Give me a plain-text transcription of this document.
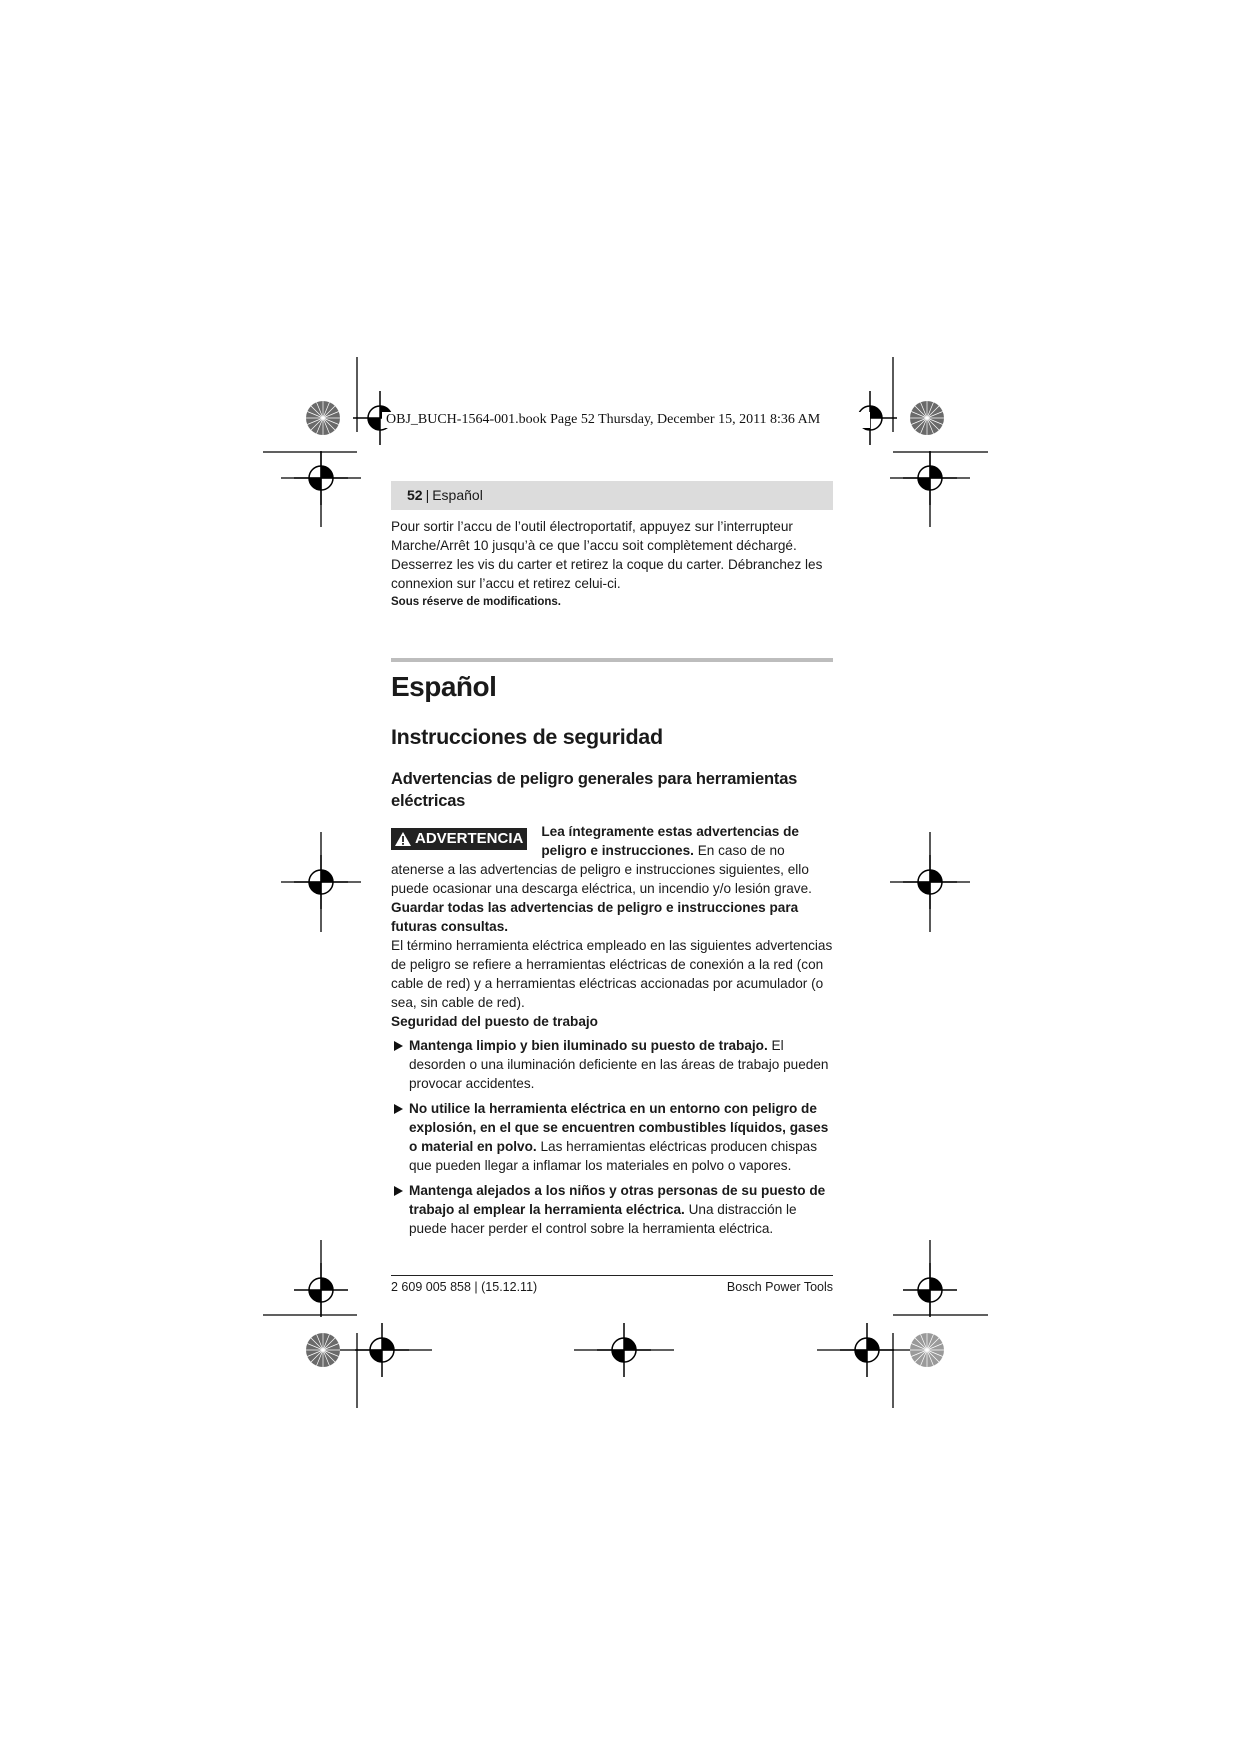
OBJ_BUCH-1564-001.book Page 52 Thursday, December 15, 2011 8:36 AM
52 | Español

Pour sortir l’accu de l’outil électroportatif, appuyez sur l’interrupteur Marche/Arrêt 10 jusqu’à ce que l’accu soit complètement déchargé. Desserrez les vis du carter et retirez la coque du carter. Débranchez les connexion sur l’accu et retirez celui-ci.

Sous réserve de modifications.

Español
Instrucciones de seguridad
Advertencias de peligro generales para herramientas eléctricas
ADVERTENCIA	Lea íntegramente estas advertencias de peligro e instrucciones. En caso de no atenerse a las advertencias de peligro e instrucciones siguientes, ello puede ocasionar una descarga eléctrica, un incendio y/o lesión grave.

Guardar todas las advertencias de peligro e instrucciones para futuras consultas.

El término herramienta eléctrica empleado en las siguientes advertencias de peligro se refiere a herramientas eléctricas de conexión a la red (con cable de red) y a herramientas eléctricas accionadas por acumulador (o sea, sin cable de red).

Seguridad del puesto de trabajo

Mantenga limpio y bien iluminado su puesto de trabajo. El desorden o una iluminación deficiente en las áreas de trabajo pueden provocar accidentes.
No utilice la herramienta eléctrica en un entorno con peligro de explosión, en el que se encuentren combustibles líquidos, gases o material en polvo. Las herramientas eléctricas producen chispas que pueden llegar a inflamar los materiales en polvo o vapores.
Mantenga alejados a los niños y otras personas de su puesto de trabajo al emplear la herramienta eléctrica. Una distracción le puede hacer perder el control sobre la herramienta eléctrica.
2 609 005 858 | (15.12.11)	Bosch Power Tools
